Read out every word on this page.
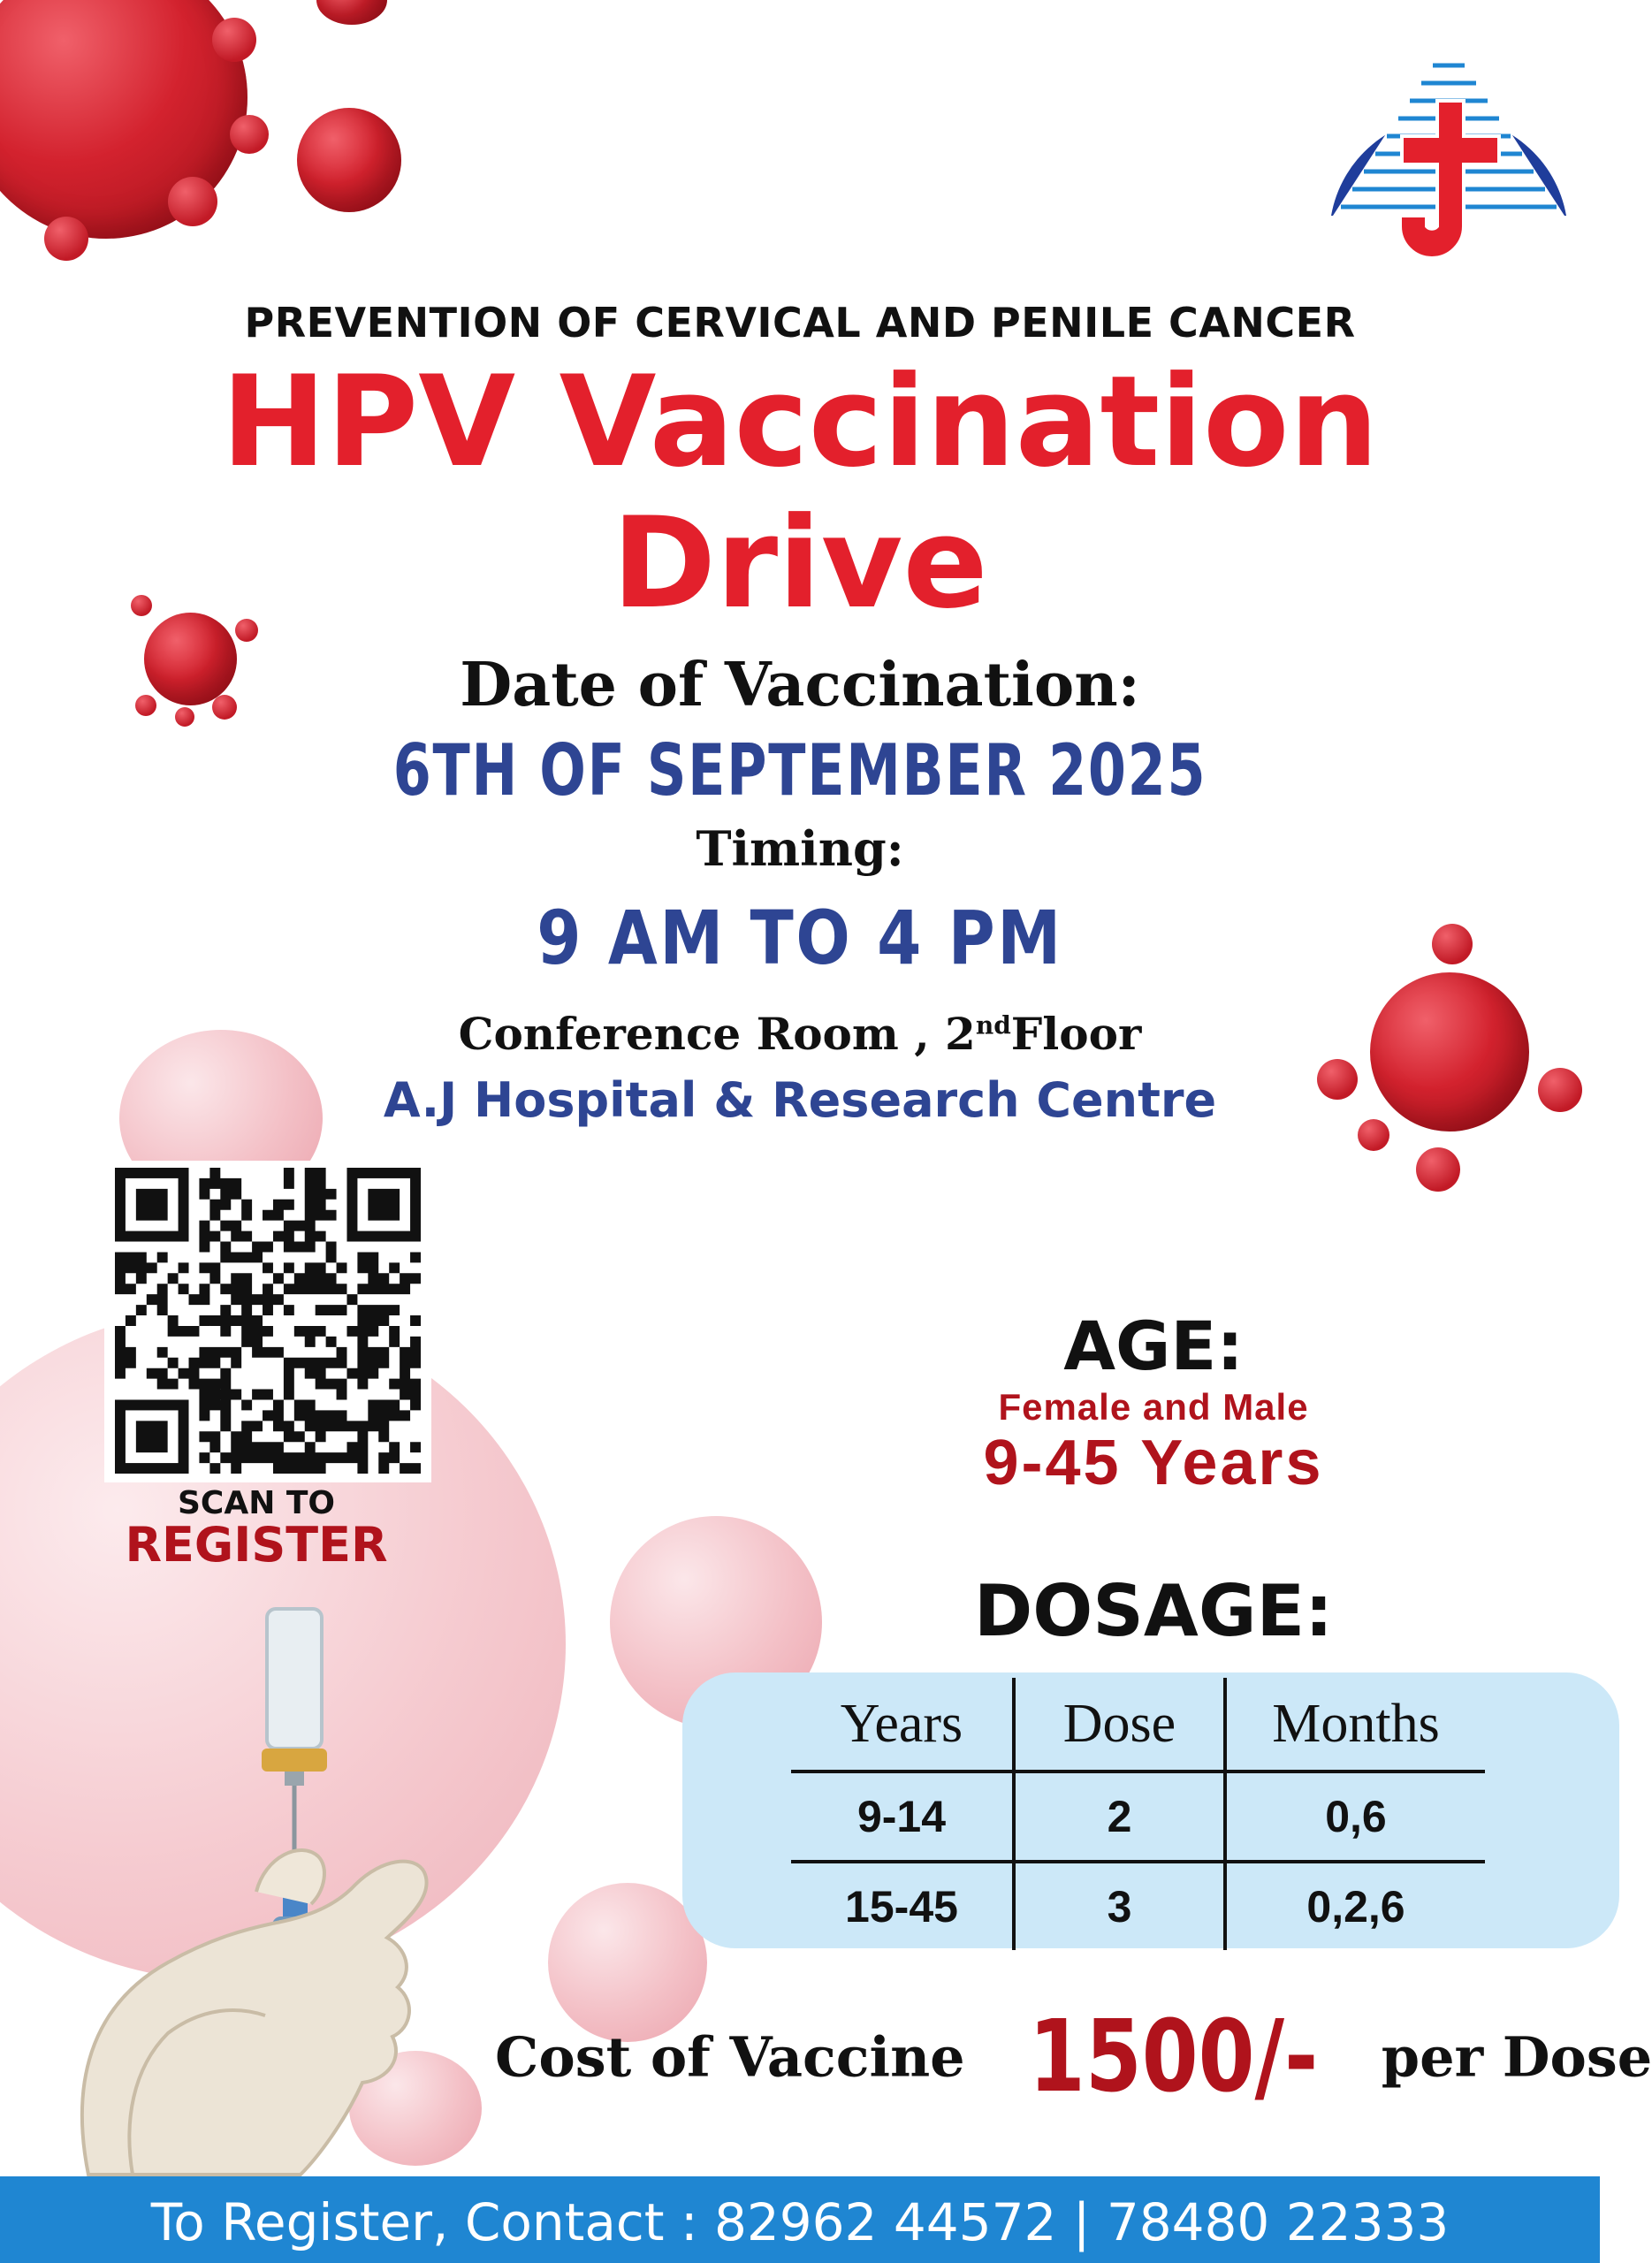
PREVENTION OF CERVICAL AND PENILE CANCER
HPV Vaccination
Drive
Date of Vaccination:
6TH OF SEPTEMBER 2025
Timing:
9 AM TO 4 PM
Conference Room , 2ndFloor
A.J Hospital & Research Centre
SCAN TO
REGISTER
AGE:
Female and Male
9-45 Years
DOSAGE:
Years	Dose	Months
9-14	2	0,6
15-45	3	0,2,6
Cost of Vaccine 1500/- per Dose
To Register, Contact : 82962 44572 | 78480 22333
